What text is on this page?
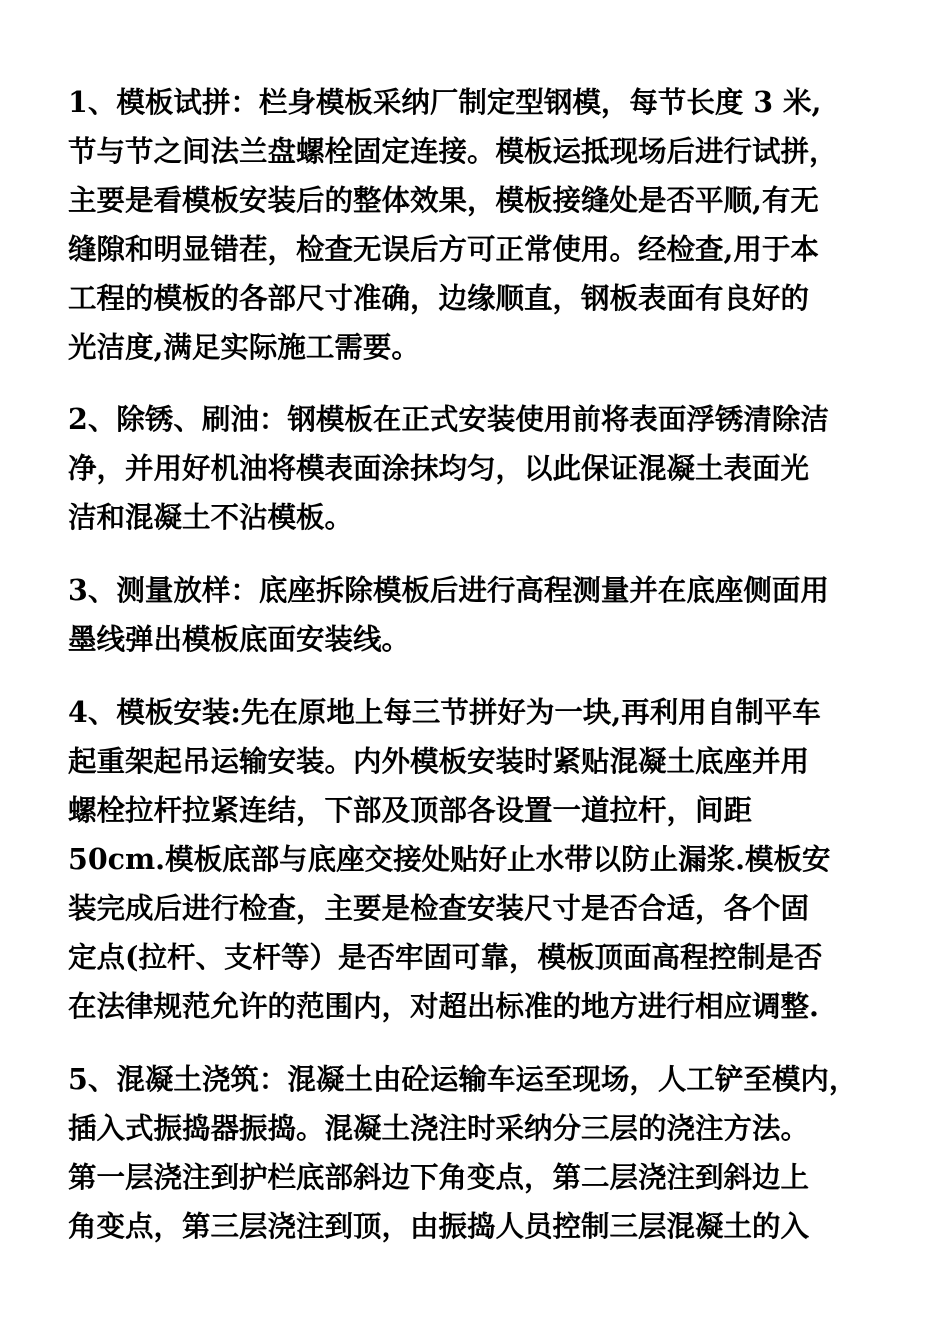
1、模板试拼：栏身模板采纳厂制定型钢模，每节长度 3 米,
节与节之间法兰盘螺栓固定连接。模板运抵现场后进行试拼，
主要是看模板安装后的整体效果，模板接缝处是否平顺,有无
缝隙和明显错茬，检查无误后方可正常使用。经检查,用于本
工程的模板的各部尺寸准确，边缘顺直，钢板表面有良好的
光洁度,满足实际施工需要。
2、除锈、刷油：钢模板在正式安装使用前将表面浮锈清除洁
净，并用好机油将模表面涂抹均匀，以此保证混凝土表面光
洁和混凝土不沾模板。
3、测量放样：底座拆除模板后进行高程测量并在底座侧面用
墨线弹出模板底面安装线。
4、模板安装:先在原地上每三节拼好为一块,再利用自制平车
起重架起吊运输安装。内外模板安装时紧贴混凝土底座并用
螺栓拉杆拉紧连结，下部及顶部各设置一道拉杆，间距
50cm.模板底部与底座交接处贴好止水带以防止漏浆.模板安
装完成后进行检查，主要是检查安装尺寸是否合适，各个固
定点(拉杆、支杆等）是否牢固可靠，模板顶面高程控制是否
在法律规范允许的范围内，对超出标准的地方进行相应调整.
5、混凝土浇筑：混凝土由砼运输车运至现场，人工铲至模内，
插入式振捣器振捣。混凝土浇注时采纳分三层的浇注方法。
第一层浇注到护栏底部斜边下角变点，第二层浇注到斜边上
角变点，第三层浇注到顶，由振捣人员控制三层混凝土的入
